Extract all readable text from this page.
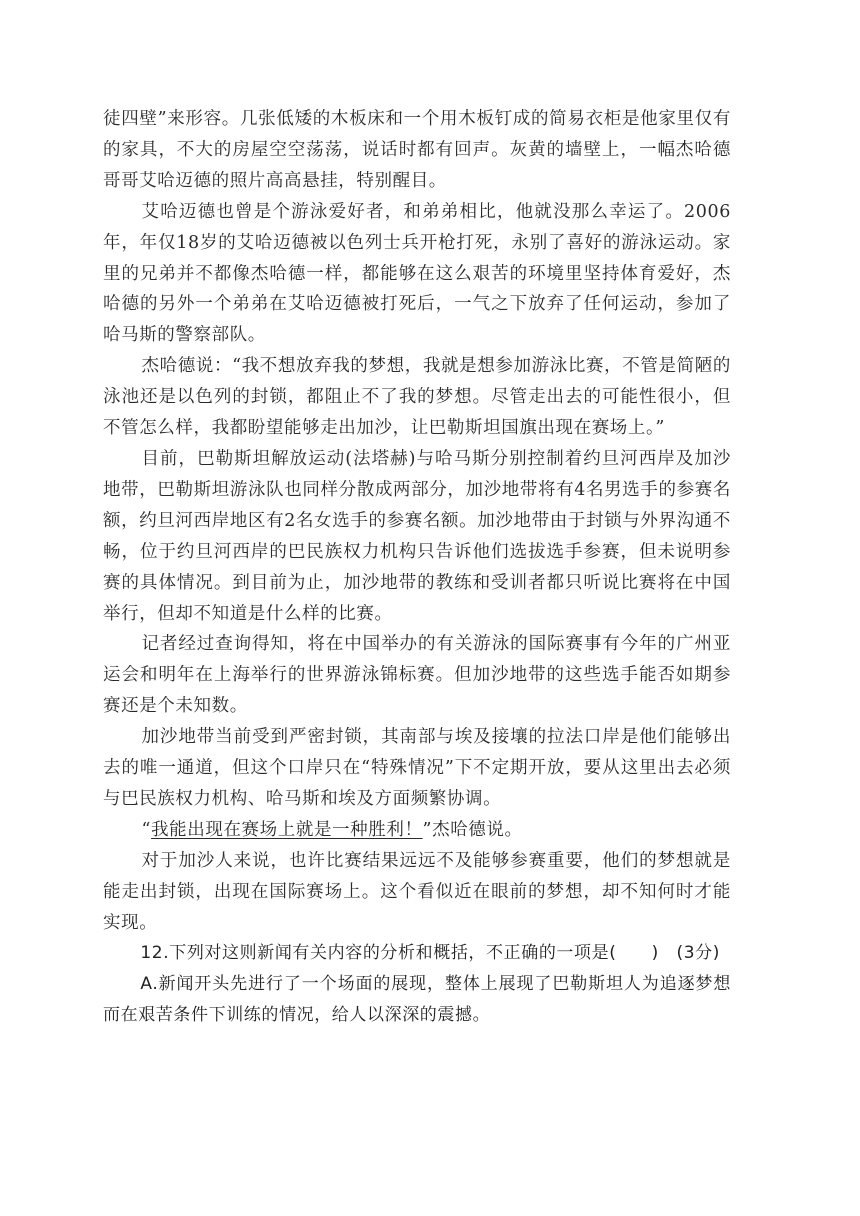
徒四壁”来形容。几张低矮的木板床和一个用木板钉成的简易衣柜是他家里仅有的家具，不大的房屋空空荡荡，说话时都有回声。灰黄的墙壁上，一幅杰哈德哥哥艾哈迈德的照片高高悬挂，特别醒目。

艾哈迈德也曾是个游泳爱好者，和弟弟相比，他就没那么幸运了。2006年，年仅18岁的艾哈迈德被以色列士兵开枪打死，永别了喜好的游泳运动。家里的兄弟并不都像杰哈德一样，都能够在这么艰苦的环境里坚持体育爱好，杰哈德的另外一个弟弟在艾哈迈德被打死后，一气之下放弃了任何运动，参加了哈马斯的警察部队。

杰哈德说：“我不想放弃我的梦想，我就是想参加游泳比赛，不管是简陋的泳池还是以色列的封锁，都阻止不了我的梦想。尽管走出去的可能性很小，但不管怎么样，我都盼望能够走出加沙，让巴勒斯坦国旗出现在赛场上。”

目前，巴勒斯坦解放运动(法塔赫)与哈马斯分别控制着约旦河西岸及加沙地带，巴勒斯坦游泳队也同样分散成两部分，加沙地带将有4名男选手的参赛名额，约旦河西岸地区有2名女选手的参赛名额。加沙地带由于封锁与外界沟通不畅，位于约旦河西岸的巴民族权力机构只告诉他们选拔选手参赛，但未说明参赛的具体情况。到目前为止，加沙地带的教练和受训者都只听说比赛将在中国举行，但却不知道是什么样的比赛。

记者经过查询得知，将在中国举办的有关游泳的国际赛事有今年的广州亚运会和明年在上海举行的世界游泳锦标赛。但加沙地带的这些选手能否如期参赛还是个未知数。

加沙地带当前受到严密封锁，其南部与埃及接壤的拉法口岸是他们能够出去的唯一通道，但这个口岸只在“特殊情况”下不定期开放，要从这里出去必须与巴民族权力机构、哈马斯和埃及方面频繁协调。

“我能出现在赛场上就是一种胜利！”杰哈德说。

对于加沙人来说，也许比赛结果远远不及能够参赛重要，他们的梦想就是能走出封锁，出现在国际赛场上。这个看似近在眼前的梦想，却不知何时才能实现。

12.下列对这则新闻有关内容的分析和概括，不正确的一项是(　　)　(3分)

A.新闻开头先进行了一个场面的展现，整体上展现了巴勒斯坦人为追逐梦想而在艰苦条件下训练的情况，给人以深深的震撼。
